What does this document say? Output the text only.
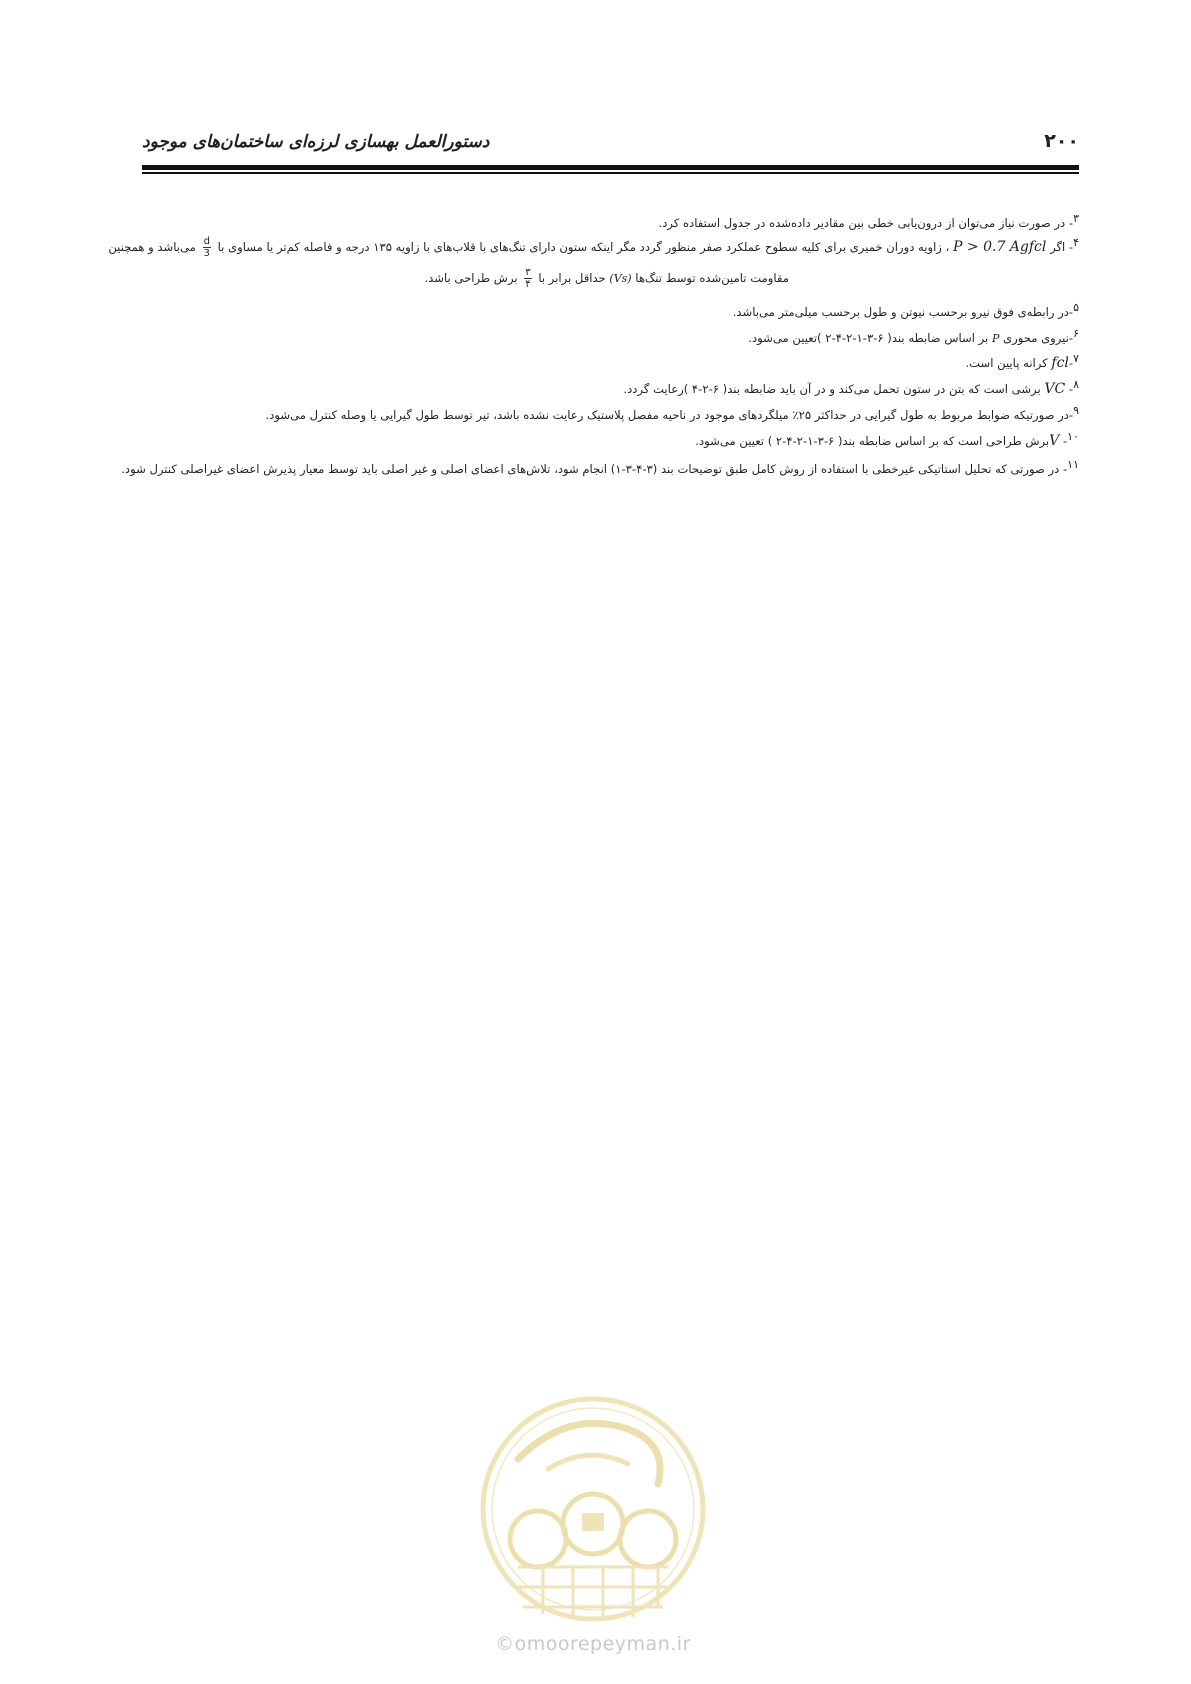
۲۰۰
دستورالعمل بهسازی لرزه‌ای ساختمان‌های موجود

$^۳$- در صورت نیاز می‌توان از درون‌یابی خطی بین مقادیر داده‌شده در جدول استفاده کرد.

$^۴$- اگر P > 0.7 Agfcl ، زاویه دوران خمیری برای کلیه سطوح عملکرد صفر منظور گردد مگر اینکه ستون دارای تنگ‌های با قلاب‌های با زاویه ۱۳۵ درجه و فاصله کم‌تر یا مساوی با
$\frac{d}{3}$
می‌باشد و همچنین

مقاومت تامین‌شده توسط تنگ‌ها (Vs) حداقل برابر با
$\frac{۳}{۴}$
برش طراحی باشد.

$^۵$-در رابطه‌ی فوق نیرو برحسب نیوتن و طول برحسب میلی‌متر می‌باشد.

$^۶$-نیروی محوری P بر اساس ضابطه بند( ۶-۳-۱-۲-۴-۲ )تعیین می‌شود.

$^۷$-fcl کرانه پایین است.

$^۸$- VC برشی است که بتن در ستون تحمل می‌کند و در آن باید ضابطه بند( ۶-۲-۴ )رعایت گردد.

$^۹$-در صورتیکه ضوابط مربوط به طول گیرایی در حداکثر ۲۵٪ میلگردهای موجود در ناحیه مفصل پلاستیک رعایت نشده باشد، تیر توسط طول گیرایی یا وصله کنترل می‌شود.

$^{۱۰}$- Vبرش طراحی است که بر اساس ضابطه بند( ۶-۳-۱-۲-۴-۲ ) تعیین می‌شود.

$^{۱۱}$- در صورتی که تحلیل استاتیکی غیرخطی با استفاده از روش کامل طبق توضیحات بند (۳-۴-۳-۱) انجام شود، تلاش‌های اعضای اصلی و غیر اصلی باید توسط معیار پذیرش اعضای غیراصلی کنترل شود.

©omoorepeyman.ir
